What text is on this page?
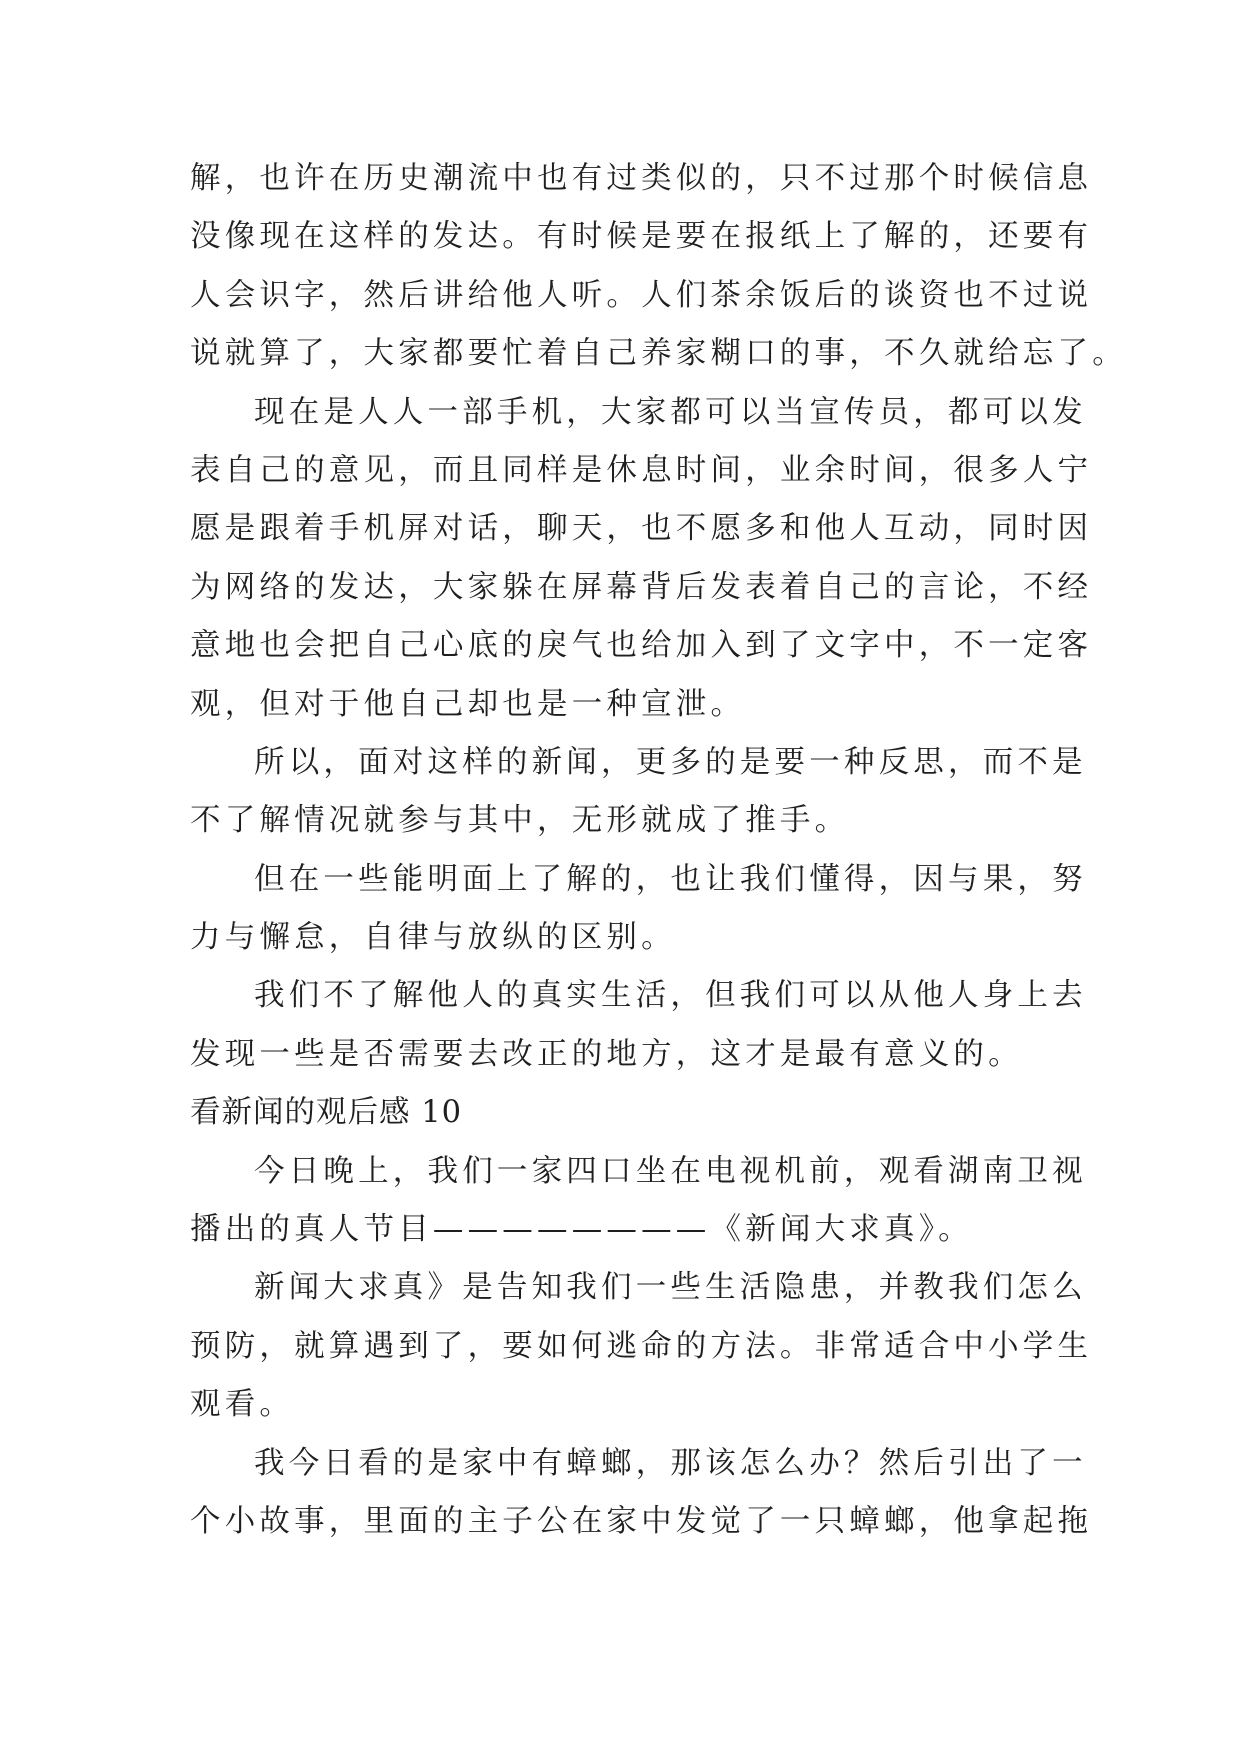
解，也许在历史潮流中也有过类似的，只不过那个时候信息
没像现在这样的发达。有时候是要在报纸上了解的，还要有
人会识字，然后讲给他人听。人们茶余饭后的谈资也不过说
说就算了，大家都要忙着自己养家糊口的事，不久就给忘了。
现在是人人一部手机，大家都可以当宣传员，都可以发
表自己的意见，而且同样是休息时间，业余时间，很多人宁
愿是跟着手机屏对话，聊天，也不愿多和他人互动，同时因
为网络的发达，大家躲在屏幕背后发表着自己的言论，不经
意地也会把自己心底的戾气也给加入到了文字中，不一定客
观，但对于他自己却也是一种宣泄。
所以，面对这样的新闻，更多的是要一种反思，而不是
不了解情况就参与其中，无形就成了推手。
但在一些能明面上了解的，也让我们懂得，因与果，努
力与懈怠，自律与放纵的区别。
我们不了解他人的真实生活，但我们可以从他人身上去
发现一些是否需要去改正的地方，这才是最有意义的。
看新闻的观后感 10
今日晚上，我们一家四口坐在电视机前，观看湖南卫视
播出的真人节目————————《新闻大求真》。
新闻大求真》是告知我们一些生活隐患，并教我们怎么
预防，就算遇到了，要如何逃命的方法。非常适合中小学生
观看。
我今日看的是家中有蟑螂，那该怎么办？然后引出了一
个小故事，里面的主子公在家中发觉了一只蟑螂，他拿起拖
